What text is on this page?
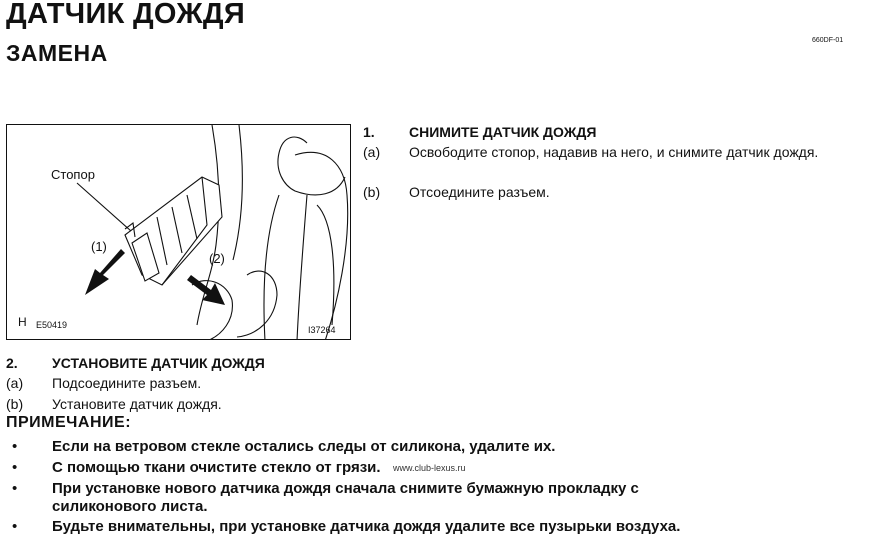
ДАТЧИК ДОЖДЯ
ЗАМЕНА	660DF-01
Стопор
(1)
(2)
H E50419	I37264
1. СНИМИТЕ ДАТЧИК ДОЖДЯ
(a) Освободите стопор, надавив на него, и снимите датчик дождя.
(b) Отсоедините разъем.
2. УСТАНОВИТЕ ДАТЧИК ДОЖДЯ
(a) Подсоедините разъем.
(b) Установите датчик дождя.
ПРИМЕЧАНИЕ:
• Если на ветровом стекле остались следы от силикона, удалите их.
• С помощью ткани очистите стекло от грязи.
• При установке нового датчика дождя сначала снимите бумажную прокладку с силиконового листа.
• Будьте внимательны, при установке датчика дождя удалите все пузырьки воздуха.
www.club-lexus.ru
